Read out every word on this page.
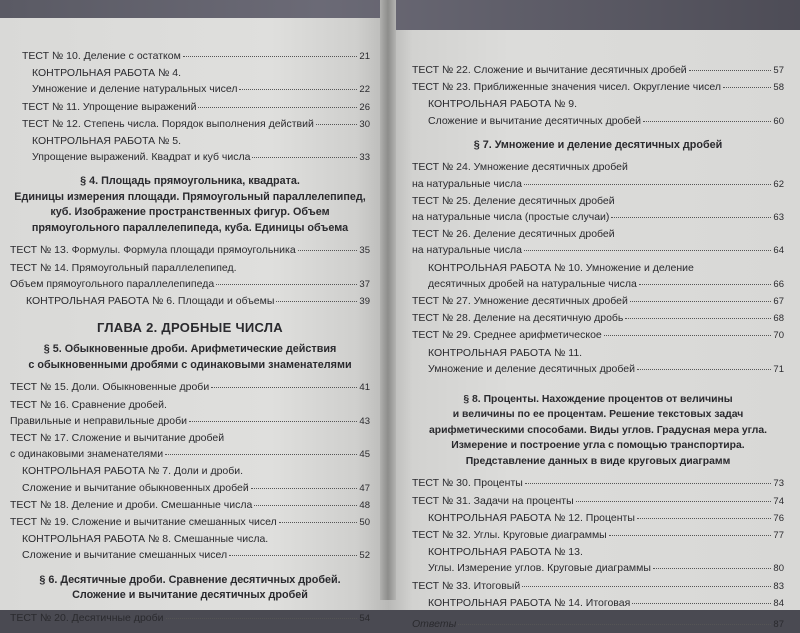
ТЕСТ № 10. Деление с остатком	21
КОНТРОЛЬНАЯ РАБОТА № 4.
Умножение и деление натуральных чисел	22
ТЕСТ № 11. Упрощение выражений	26
ТЕСТ № 12. Степень числа. Порядок выполнения действий	30
КОНТРОЛЬНАЯ РАБОТА № 5.
Упрощение выражений. Квадрат и куб числа	33
§ 4. Площадь прямоугольника, квадрата.
Единицы измерения площади. Прямоугольный параллелепипед,
куб. Изображение пространственных фигур. Объем
прямоугольного параллелепипеда, куба. Единицы объема
ТЕСТ № 13. Формулы. Формула площади прямоугольника	35
ТЕСТ № 14. Прямоугольный параллелепипед.
Объем прямоугольного параллелепипеда	37
КОНТРОЛЬНАЯ РАБОТА № 6. Площади и объемы	39
ГЛАВА 2. ДРОБНЫЕ ЧИСЛА
§ 5. Обыкновенные дроби. Арифметические действия
с обыкновенными дробями с одинаковыми знаменателями
ТЕСТ № 15. Доли. Обыкновенные дроби	41
ТЕСТ № 16. Сравнение дробей.
Правильные и неправильные дроби	43
ТЕСТ № 17. Сложение и вычитание дробей
с одинаковыми знаменателями	45
КОНТРОЛЬНАЯ РАБОТА № 7. Доли и дроби.
Сложение и вычитание обыкновенных дробей	47
ТЕСТ № 18. Деление и дроби. Смешанные числа	48
ТЕСТ № 19. Сложение и вычитание смешанных чисел	50
КОНТРОЛЬНАЯ РАБОТА № 8. Смешанные числа.
Сложение и вычитание смешанных чисел	52
§ 6. Десятичные дроби. Сравнение десятичных дробей.
Сложение и вычитание десятичных дробей
ТЕСТ № 20. Десятичные дроби	54
ТЕСТ № 22. Сложение и вычитание десятичных дробей	57
ТЕСТ № 23. Приближенные значения чисел. Округление чисел	58
КОНТРОЛЬНАЯ РАБОТА № 9.
Сложение и вычитание десятичных дробей	60
§ 7. Умножение и деление десятичных дробей
ТЕСТ № 24. Умножение десятичных дробей
на натуральные числа	62
ТЕСТ № 25. Деление десятичных дробей
на натуральные числа (простые случаи)	63
ТЕСТ № 26. Деление десятичных дробей
на натуральные числа	64
КОНТРОЛЬНАЯ РАБОТА № 10. Умножение и деление
десятичных дробей на натуральные числа	66
ТЕСТ № 27. Умножение десятичных дробей	67
ТЕСТ № 28. Деление на десятичную дробь	68
ТЕСТ № 29. Среднее арифметическое	70
КОНТРОЛЬНАЯ РАБОТА № 11.
Умножение и деление десятичных дробей	71
§ 8. Проценты. Нахождение процентов от величины
и величины по ее процентам. Решение текстовых задач
арифметическими способами. Виды углов. Градусная мера угла.
Измерение и построение угла с помощью транспортира.
Представление данных в виде круговых диаграмм
ТЕСТ № 30. Проценты	73
ТЕСТ № 31. Задачи на проценты	74
КОНТРОЛЬНАЯ РАБОТА № 12. Проценты	76
ТЕСТ № 32. Углы. Круговые диаграммы	77
КОНТРОЛЬНАЯ РАБОТА № 13.
Углы. Измерение углов. Круговые диаграммы	80
ТЕСТ № 33. Итоговый	83
КОНТРОЛЬНАЯ РАБОТА № 14. Итоговая	84
Ответы	87
